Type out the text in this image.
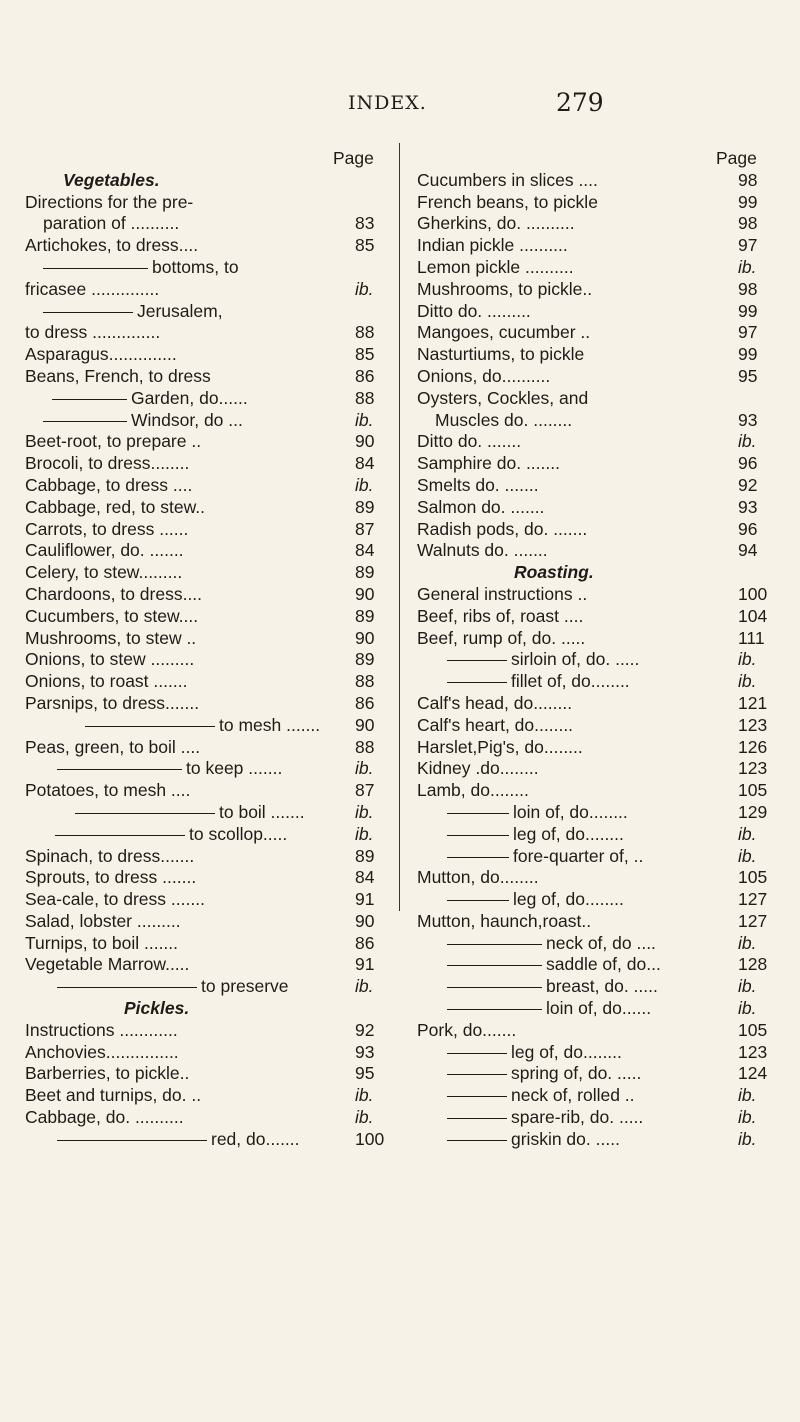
INDEX.	279
Page
Vegetables.
Directions for the pre-
paration of ..........	83
Artichokes, to dress....	85
bottoms, to
fricasee ..............	ib.
Jerusalem,
to dress ..............	88
Asparagus..............	85
Beans, French, to dress	86
Garden, do......	88
Windsor, do ...	ib.
Beet-root, to prepare ..	90
Brocoli, to dress........	84
Cabbage, to dress ....	ib.
Cabbage, red, to stew..	89
Carrots, to dress ......	87
Cauliflower, do. .......	84
Celery, to stew.........	89
Chardoons, to dress....	90
Cucumbers, to stew....	89
Mushrooms, to stew ..	90
Onions, to stew .........	89
Onions, to roast .......	88
Parsnips, to dress.......	86
to mesh ....... 90
Peas, green, to boil ....	88
to keep .......	ib.
Potatoes, to mesh ....	87
to boil .......	ib.
to scollop.....	ib.
Spinach, to dress.......	89
Sprouts, to dress .......	84
Sea-cale, to dress .......	91
Salad, lobster .........	90
Turnips, to boil .......	86
Vegetable Marrow.....	91
to preserve	ib.
Pickles.
Instructions ............	92
Anchovies...............	93
Barberries, to pickle..	95
Beet and turnips, do. ..	ib.
Cabbage, do. ..........	ib.
red, do.......	100
Page
Cucumbers in slices ....	98
French beans, to pickle	99
Gherkins, do. ..........	98
Indian pickle ..........	97
Lemon pickle ..........	ib.
Mushrooms, to pickle..	98
Ditto do. .........	99
Mangoes, cucumber ..	97
Nasturtiums, to pickle	99
Onions, do..........	95
Oysters, Cockles, and
Muscles do. ........	93
Ditto do. .......	ib.
Samphire do. .......	96
Smelts do. .......	92
Salmon do. .......	93
Radish pods, do. .......	96
Walnuts do. .......	94
Roasting.
General instructions ..	100
Beef, ribs of, roast ....	104
Beef, rump of, do. .....	111
sirloin of, do. .....	ib.
fillet of, do........	ib.
Calf's head, do........	121
Calf's heart, do........	123
Harslet,Pig's, do........	126
Kidney .do........	123
Lamb, do........	105
loin of, do........	129
leg of, do........	ib.
fore-quarter of, ..	ib.
Mutton, do........	105
leg of, do........	127
Mutton, haunch,roast..	127
neck of, do ....	ib.
saddle of, do...	128
breast, do. .....	ib.
loin of, do......	ib.
Pork, do.......	105
leg of, do........	123
spring of, do. .....	124
neck of, rolled ..	ib.
spare-rib, do. .....	ib.
griskin do. .....	ib.
